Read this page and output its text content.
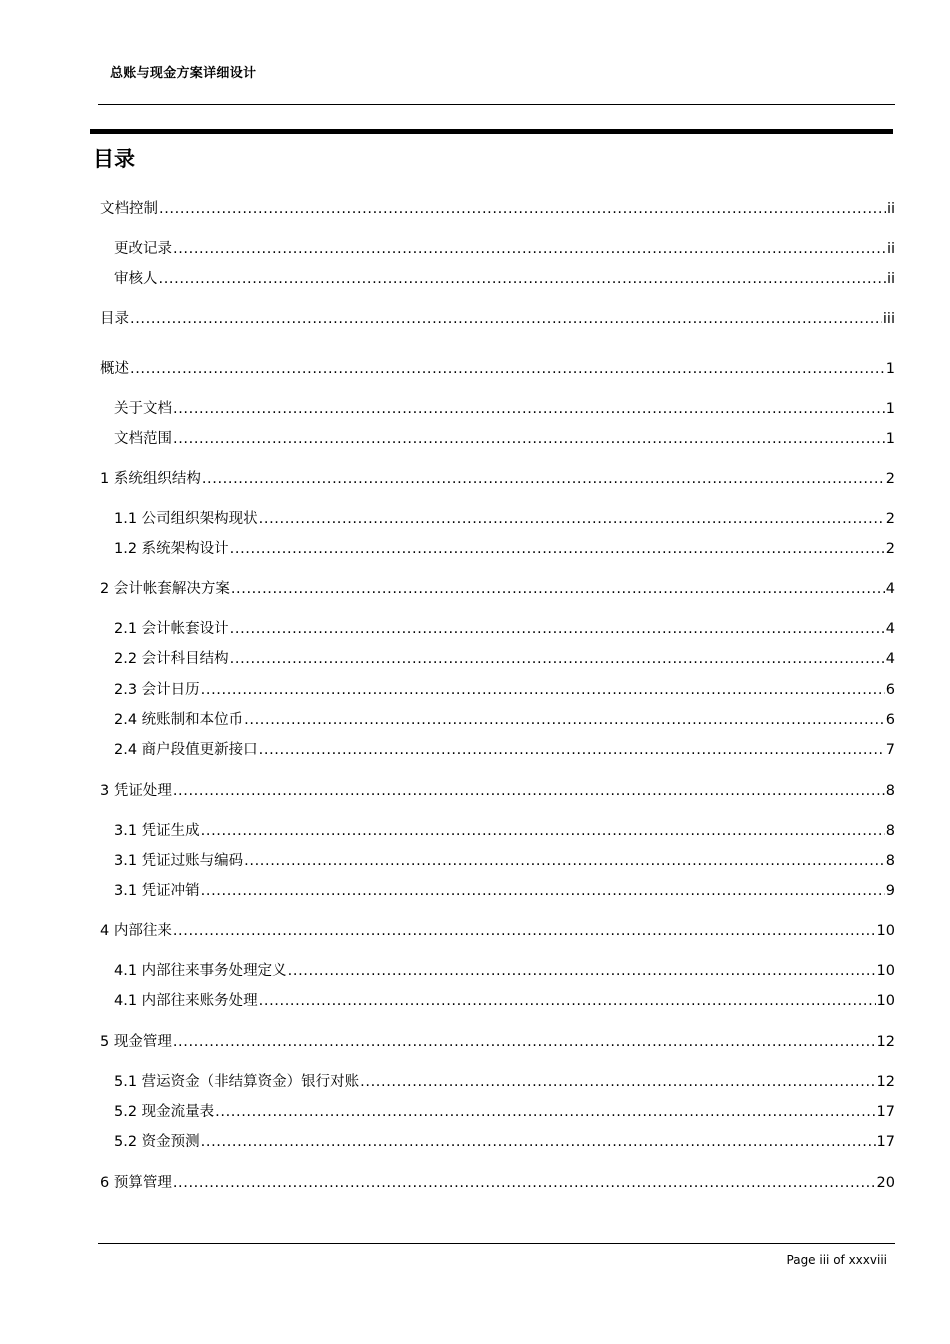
总账与现金方案详细设计
目录
文档控制 .....	ii
更改记录 .....	ii
审核人 .....	ii
目录 .....	iii
概述 .....	1
关于文档 .....	1
文档范围 .....	1
1 系统组织结构 .....	2
1.1 公司组织架构现状 .....	2
1.2 系统架构设计 .....	2
2 会计帐套解决方案 .....	4
2.1 会计帐套设计 .....	4
2.2 会计科目结构 .....	4
2.3 会计日历 .....	6
2.4 统账制和本位币 .....	6
2.4 商户段值更新接口 .....	7
3 凭证处理 .....	8
3.1 凭证生成 .....	8
3.1 凭证过账与编码 .....	8
3.1 凭证冲销 .....	9
4 内部往来 .....	10
4.1 内部往来事务处理定义 .....	10
4.1 内部往来账务处理 .....	10
5 现金管理 .....	12
5.1 营运资金（非结算资金）银行对账 .....	12
5.2 现金流量表 .....	17
5.2 资金预测 .....	17
6 预算管理 .....	20
Page iii of xxxviii
